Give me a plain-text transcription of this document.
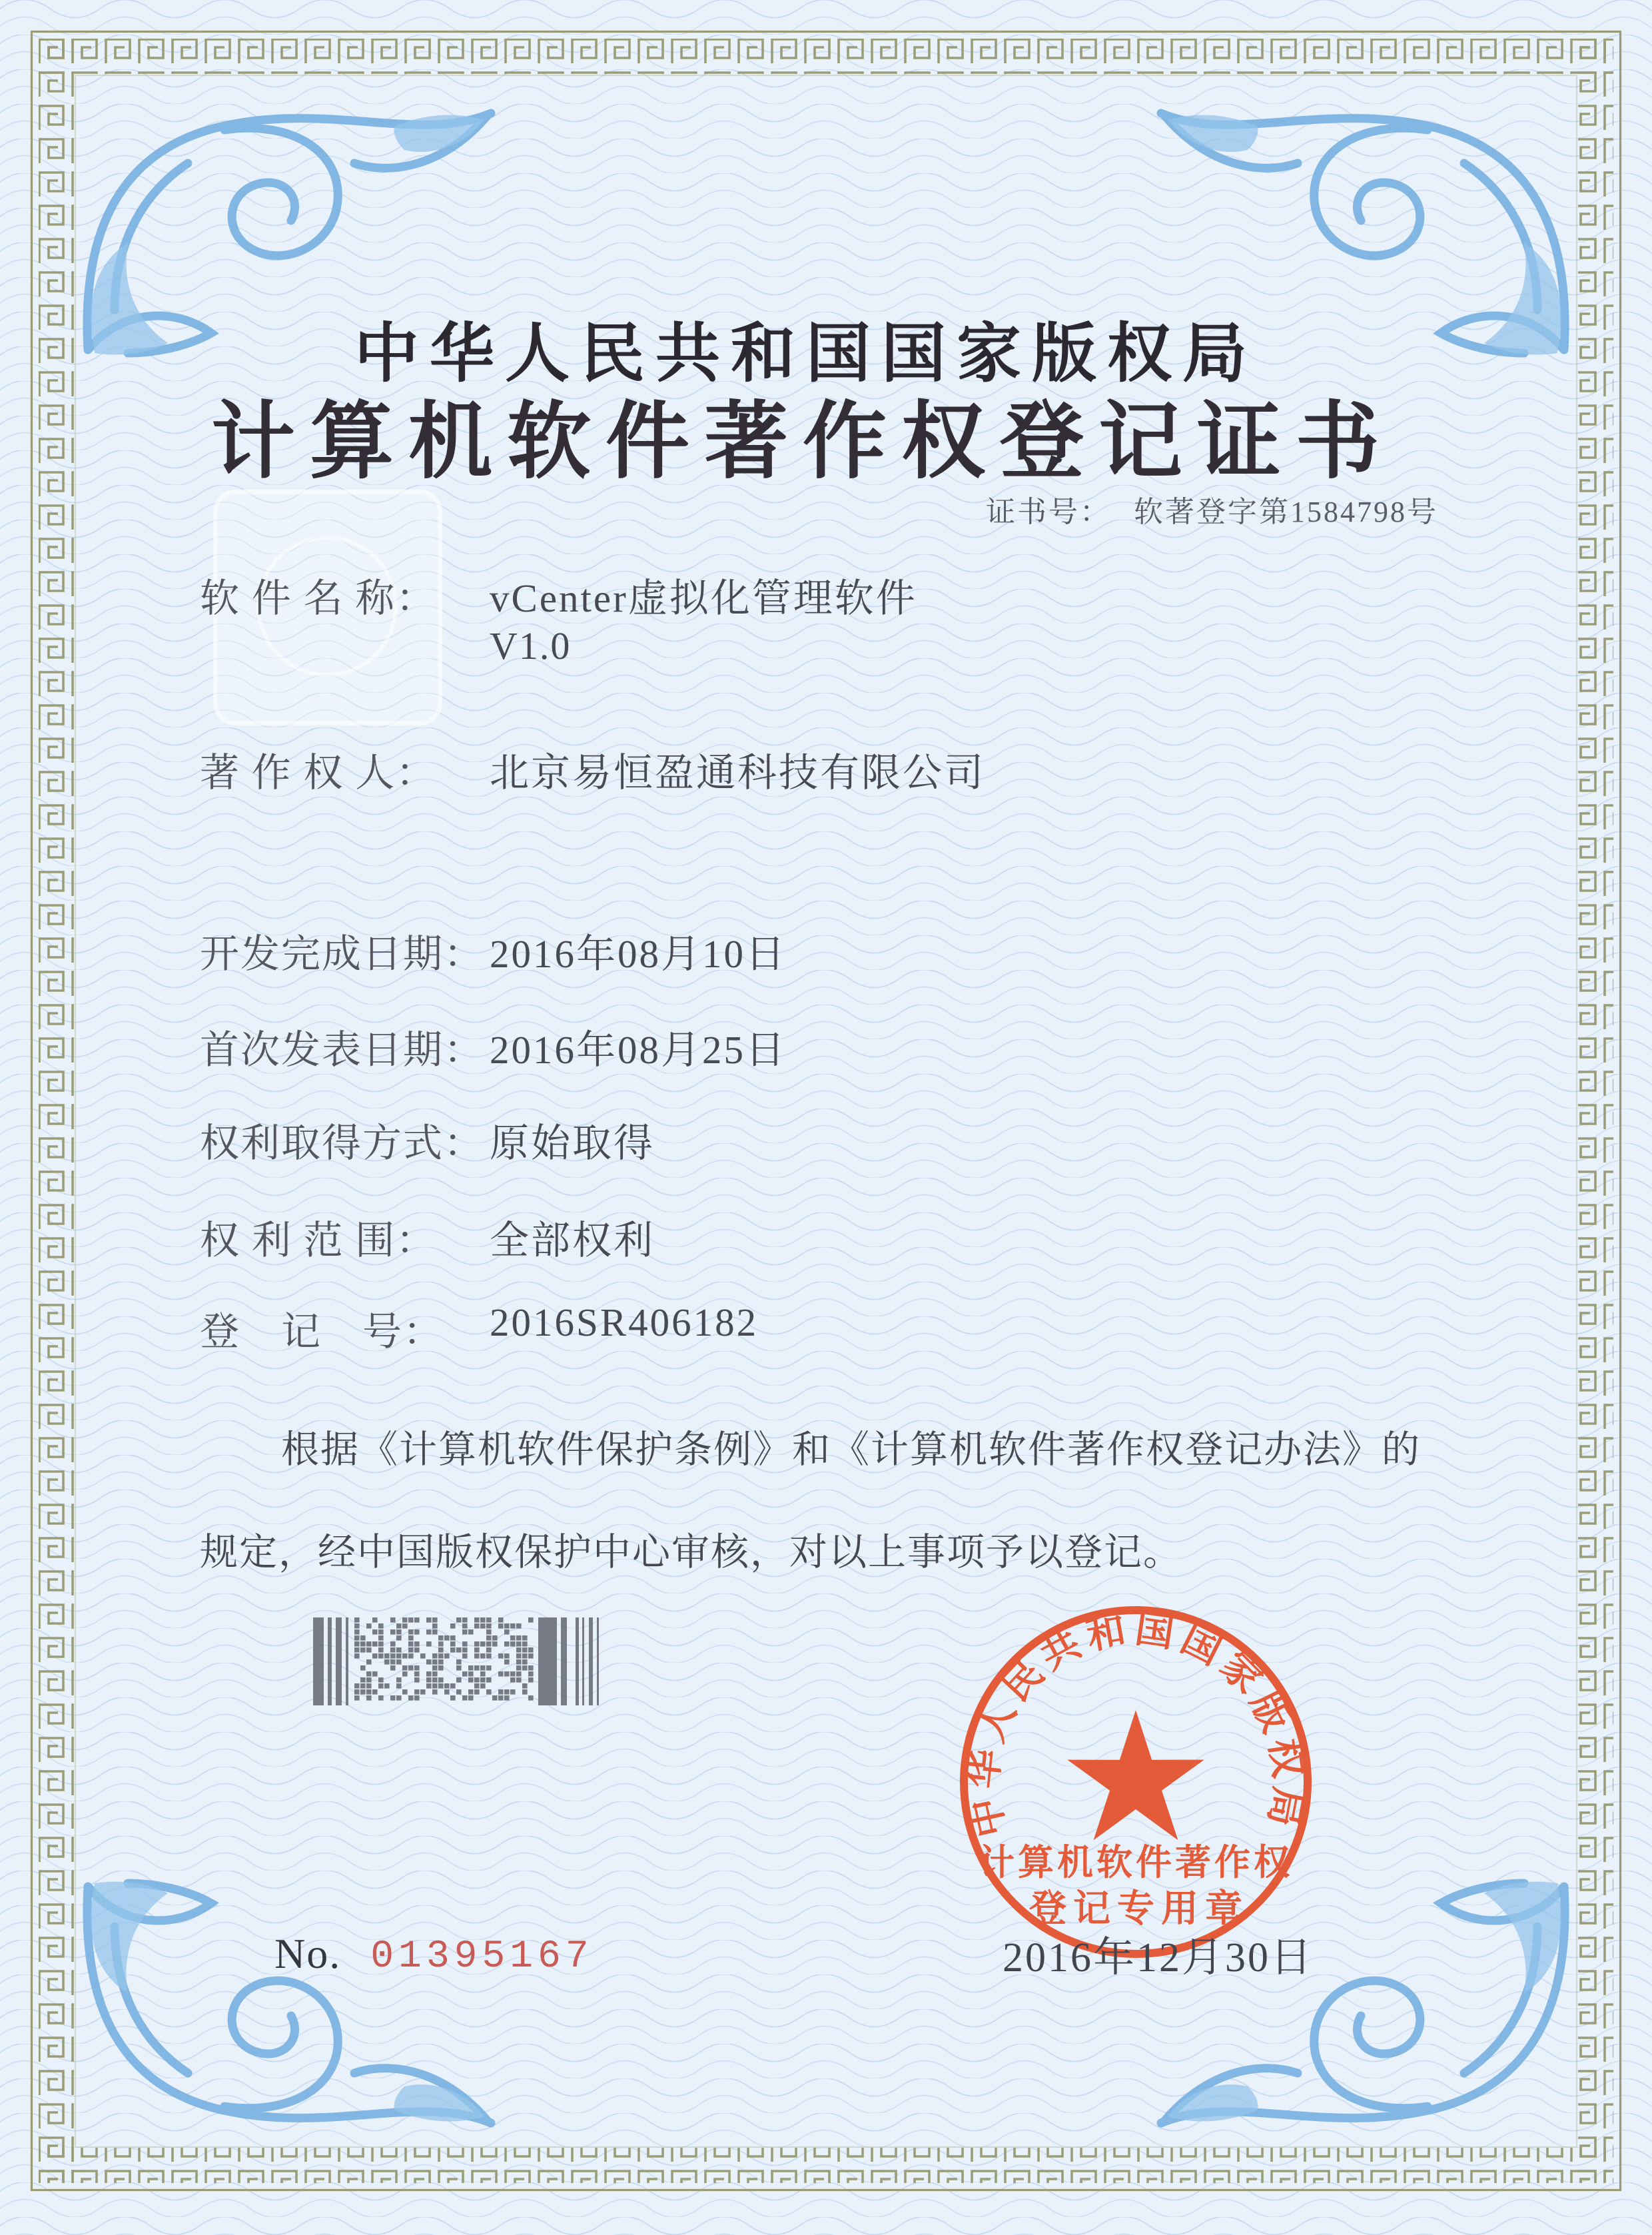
中华人民共和国国家版权局
计算机软件著作权登记证书
证书号： 软著登字第1584798号
软 件 名 称： vCenter虚拟化管理软件
V1.0
著 作 权 人： 北京易恒盈通科技有限公司
开发完成日期： 2016年08月10日
首次发表日期： 2016年08月25日
权利取得方式： 原始取得
权 利 范 围： 全部权利
登　记　号： 2016SR406182
根据《计算机软件保护条例》和《计算机软件著作权登记办法》的
规定，经中国版权保护中心审核，对以上事项予以登记。
中华人民共和国国家版权局
计算机软件著作权
登记专用章
2016年12月30日
No. 01395167
